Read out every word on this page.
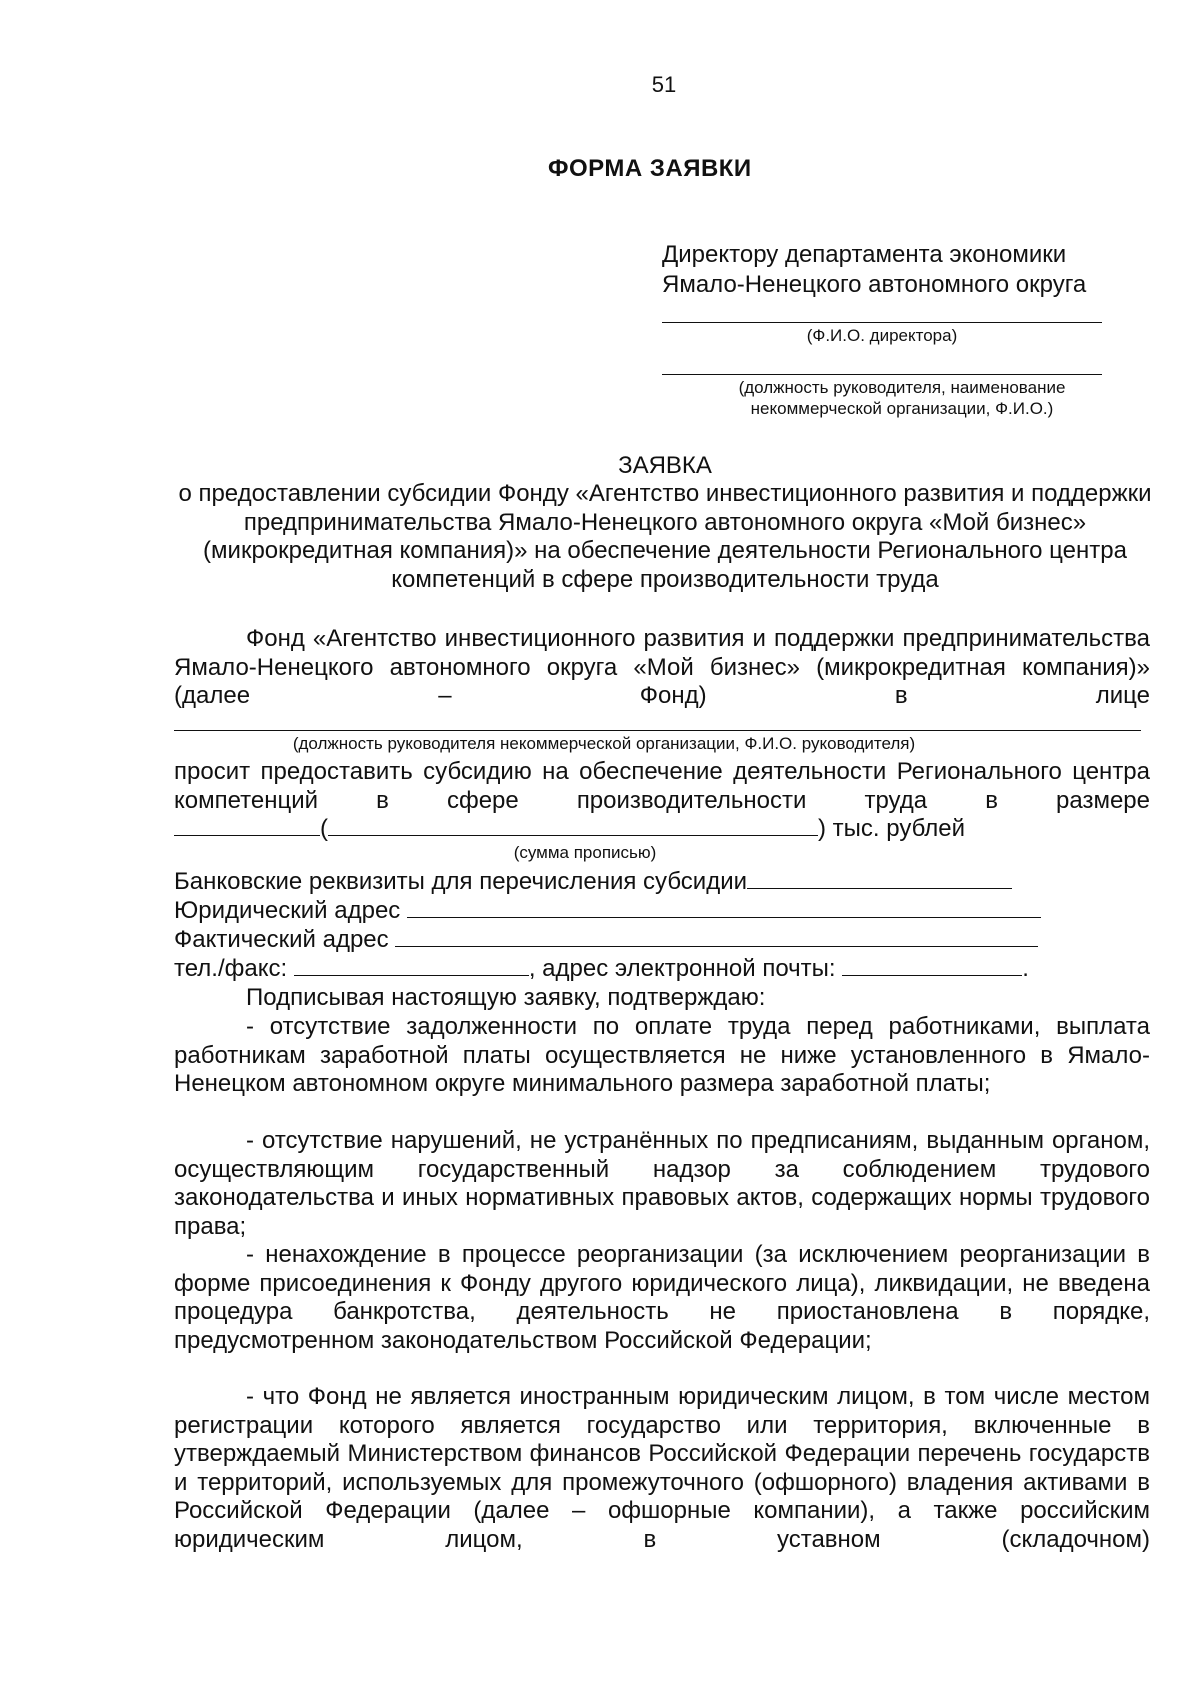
51
ФОРМА ЗАЯВКИ
Директору департамента экономики
Ямало-Ненецкого автономного округа
(Ф.И.О. директора)
(должность руководителя, наименование
некоммерческой организации, Ф.И.О.)
ЗАЯВКА
о предоставлении субсидии Фонду «Агентство инвестиционного развития и поддержки предпринимательства Ямало-Ненецкого автономного округа «Мой бизнес» (микрокредитная компания)» на обеспечение деятельности Регионального центра компетенций в сфере производительности труда
Фонд «Агентство инвестиционного развития и поддержки предпринимательства Ямало-Ненецкого автономного округа «Мой бизнес» (микрокредитная компания)» (далее – Фонд) в лице
(должность руководителя некоммерческой организации, Ф.И.О. руководителя)
просит предоставить субсидию на обеспечение деятельности Регионального центра компетенций в сфере производительности труда в размере
(	) тыс. рублей
(сумма прописью)
Банковские реквизиты для перечисления субсидии
Юридический адрес
Фактический адрес
тел./факс:	, адрес электронной почты:	.
Подписывая настоящую заявку, подтверждаю:
- отсутствие задолженности по оплате труда перед работниками, выплата работникам заработной платы осуществляется не ниже установленного в Ямало-Ненецком автономном округе минимального размера заработной платы;
- отсутствие нарушений, не устранённых по предписаниям, выданным органом, осуществляющим государственный надзор за соблюдением трудового законодательства и иных нормативных правовых актов, содержащих нормы трудового права;
- ненахождение в процессе реорганизации (за исключением реорганизации в форме присоединения к Фонду другого юридического лица), ликвидации, не введена процедура банкротства, деятельность не приостановлена в порядке, предусмотренном законодательством Российской Федерации;
- что Фонд не является иностранным юридическим лицом, в том числе местом регистрации которого является государство или территория, включенные в утверждаемый Министерством финансов Российской Федерации перечень государств и территорий, используемых для промежуточного (офшорного) владения активами в Российской Федерации (далее – офшорные компании), а также российским юридическим лицом, в уставном (складочном)
